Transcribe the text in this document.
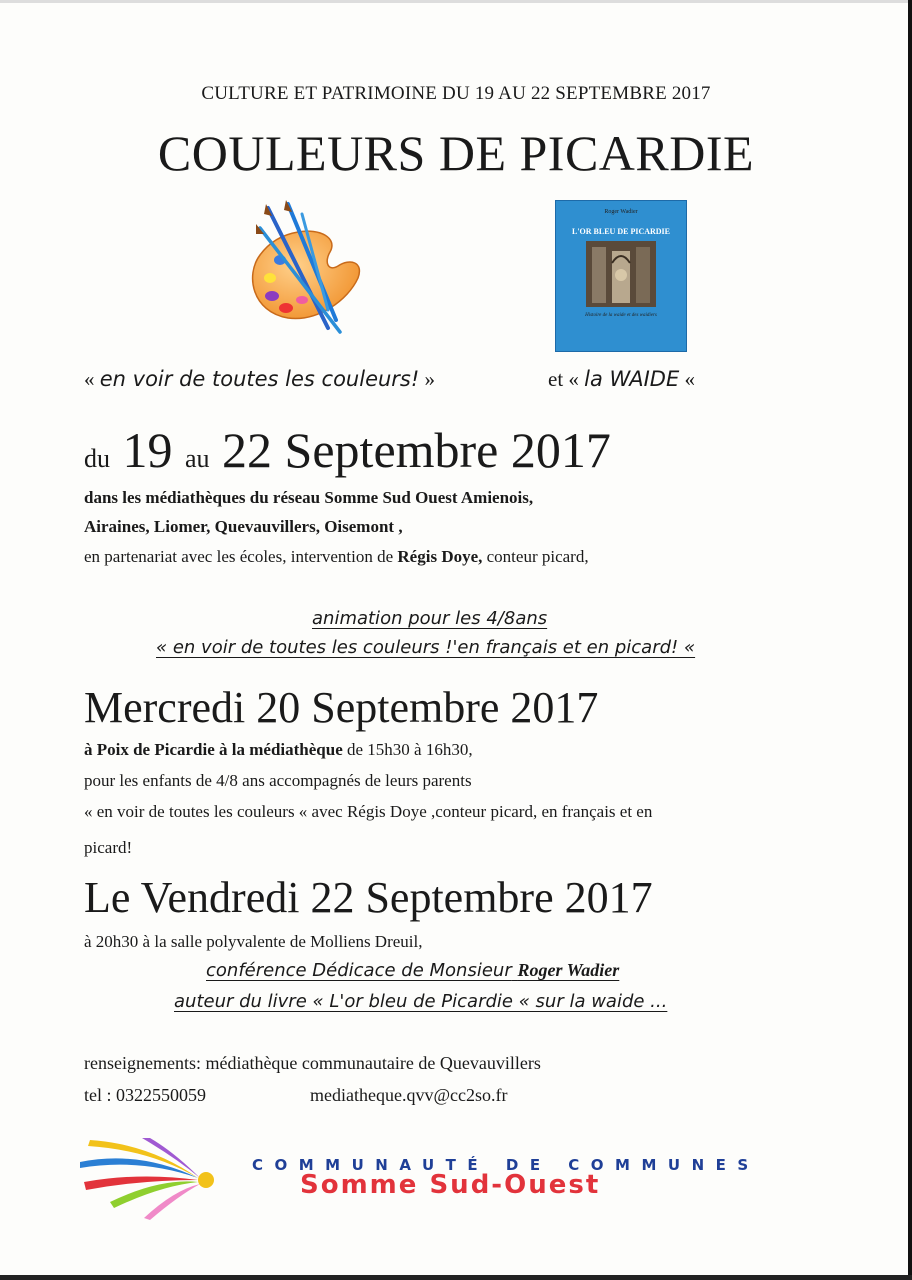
CULTURE ET PATRIMOINE DU 19 AU 22 SEPTEMBRE 2017
COULEURS DE PICARDIE
Roger Wadier
L'OR BLEU DE PICARDIE
Histoire de la waide et des waidiers
« en voir de toutes les couleurs! »	et « la WAIDE «
du 19 au 22 Septembre 2017
dans les médiathèques du réseau Somme Sud Ouest Amienois,
Airaines, Liomer, Quevauvillers, Oisemont ,
en partenariat avec les écoles, intervention de Régis Doye, conteur picard,
animation pour les 4/8ans
« en voir de toutes les couleurs !'en français et en picard! «
Mercredi 20 Septembre 2017
à Poix de Picardie à la médiathèque de 15h30 à 16h30,
pour les enfants de 4/8 ans accompagnés de leurs parents
« en voir de toutes les couleurs « avec Régis Doye ,conteur picard, en français et en
picard!
Le Vendredi 22 Septembre 2017
à 20h30 à la salle polyvalente de Molliens Dreuil,
conférence Dédicace de Monsieur Roger Wadier
auteur du livre « L'or bleu de Picardie « sur la waide ...
renseignements: médiathèque communautaire de Quevauvillers
tel : 0322550059	mediatheque.qvv@cc2so.fr
COMMUNAUTÉ DE COMMUNES
Somme Sud-Ouest
